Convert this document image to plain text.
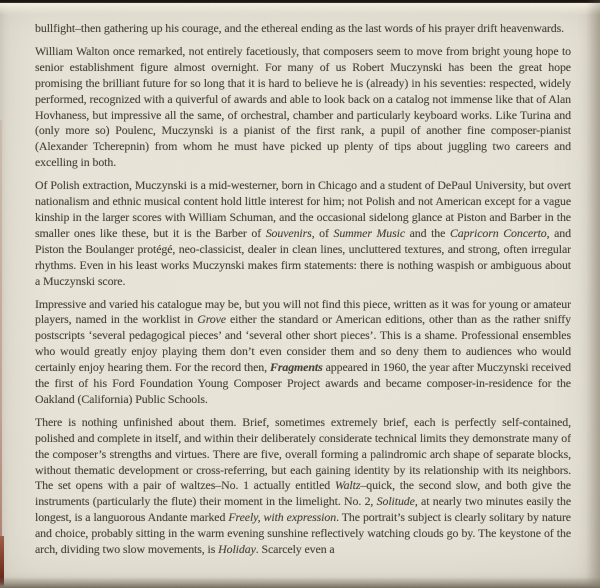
bullfight–then gathering up his courage, and the ethereal ending as the last words of his prayer drift heavenwards.

William Walton once remarked, not entirely facetiously, that composers seem to move from bright young hope to senior establishment figure almost overnight. For many of us Robert Muczynski has been the great hope promising the brilliant future for so long that it is hard to believe he is (already) in his seventies: respected, widely performed, recognized with a quiverful of awards and able to look back on a catalog not immense like that of Alan Hovhaness, but impressive all the same, of orchestral, chamber and particularly keyboard works. Like Turina and (only more so) Poulenc, Muczynski is a pianist of the first rank, a pupil of another fine composer-pianist (Alexander Tcherepnin) from whom he must have picked up plenty of tips about juggling two careers and excelling in both.

Of Polish extraction, Muczynski is a mid-westerner, born in Chicago and a student of DePaul University, but overt nationalism and ethnic musical content hold little interest for him; not Polish and not American except for a vague kinship in the larger scores with William Schuman, and the occasional sidelong glance at Piston and Barber in the smaller ones like these, but it is the Barber of Souvenirs, of Summer Music and the Capricorn Concerto, and Piston the Boulanger protégé, neo-classicist, dealer in clean lines, uncluttered textures, and strong, often irregular rhythms. Even in his least works Muczynski makes firm statements: there is nothing waspish or ambiguous about a Muczynski score.

Impressive and varied his catalogue may be, but you will not find this piece, written as it was for young or amateur players, named in the worklist in Grove either the standard or American editions, other than as the rather sniffy postscripts ‘several pedagogical pieces’ and ‘several other short pieces’. This is a shame. Professional ensembles who would greatly enjoy playing them don’t even consider them and so deny them to audiences who would certainly enjoy hearing them. For the record then, Fragments appeared in 1960, the year after Muczynski received the first of his Ford Foundation Young Composer Project awards and became composer-in-residence for the Oakland (California) Public Schools.

There is nothing unfinished about them. Brief, sometimes extremely brief, each is perfectly self-contained, polished and complete in itself, and within their deliberately considerate technical limits they demonstrate many of the composer’s strengths and virtues. There are five, overall forming a palindromic arch shape of separate blocks, without thematic development or cross-referring, but each gaining identity by its relationship with its neighbors. The set opens with a pair of waltzes–No. 1 actually entitled Waltz–quick, the second slow, and both give the instruments (particularly the flute) their moment in the limelight. No. 2, Solitude, at nearly two minutes easily the longest, is a languorous Andante marked Freely, with expression. The portrait’s subject is clearly solitary by nature and choice, probably sitting in the warm evening sunshine reflectively watching clouds go by. The keystone of the arch, dividing two slow movements, is Holiday. Scarcely even a
